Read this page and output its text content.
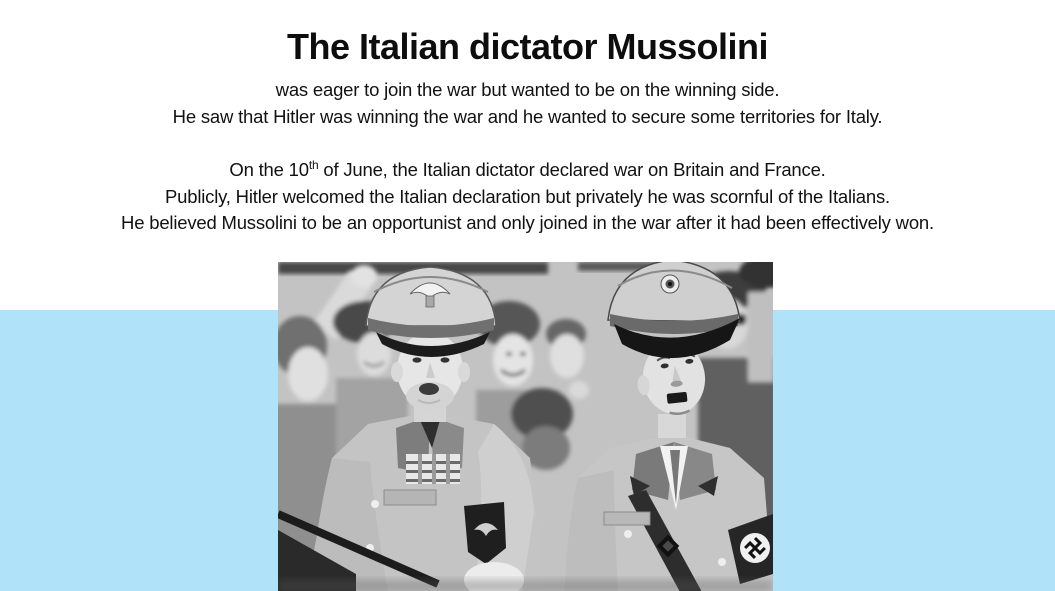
The Italian dictator Mussolini
was eager to join the war but wanted to be on the winning side.
He saw that Hitler was winning the war and he wanted to secure some territories for Italy.
On the 10th of June, the Italian dictator declared war on Britain and France.
Publicly, Hitler welcomed the Italian declaration but privately he was scornful of the Italians.
He believed Mussolini to be an opportunist and only joined in the war after it had been effectively won.
